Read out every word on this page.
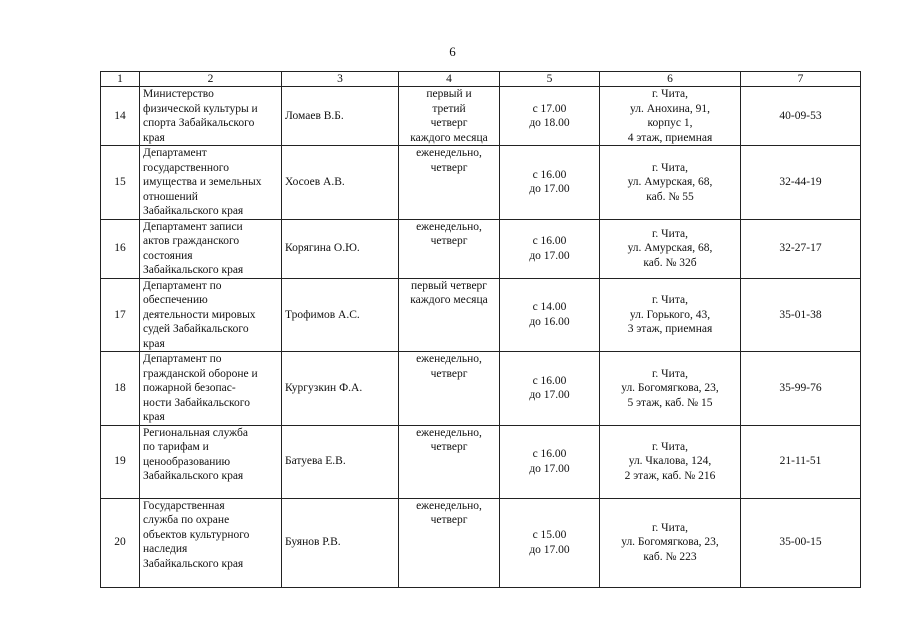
6
1	2	3	4	5	6	7
14	Министерство
физической культуры и
спорта Забайкальского
края	Ломаев В.Б.	первый и
третий
четверг
каждого месяца	с 17.00
до 18.00	г. Чита,
ул. Анохина, 91,
корпус 1,
4 этаж, приемная	40-09-53
15	Департамент
государственного
имущества и земельных
отношений
Забайкальского края	Хосоев А.В.	еженедельно,
четверг	с 16.00
до 17.00	г. Чита,
ул. Амурская, 68,
каб. № 55	32-44-19
16	Департамент записи
актов гражданского
состояния
Забайкальского края	Корягина О.Ю.	еженедельно,
четверг	с 16.00
до 17.00	г. Чита,
ул. Амурская, 68,
каб. № 32б	32-27-17
17	Департамент по
обеспечению
деятельности мировых
судей Забайкальского
края	Трофимов А.С.	первый четверг
каждого месяца	с 14.00
до 16.00	г. Чита,
ул. Горького, 43,
3 этаж, приемная	35-01-38
18	Департамент по
гражданской обороне и
пожарной безопас-
ности Забайкальского
края	Кургузкин Ф.А.	еженедельно,
четверг	с 16.00
до 17.00	г. Чита,
ул. Богомягкова, 23,
5 этаж, каб. № 15	35-99-76
19	Региональная служба
по тарифам и
ценообразованию
Забайкальского края	Батуева Е.В.	еженедельно,
четверг	с 16.00
до 17.00	г. Чита,
ул. Чкалова, 124,
2 этаж, каб. № 216	21-11-51
20	Государственная
служба по охране
объектов культурного
наследия
Забайкальского края	Буянов Р.В.	еженедельно,
четверг	с 15.00
до 17.00	г. Чита,
ул. Богомягкова, 23,
каб. № 223	35-00-15
